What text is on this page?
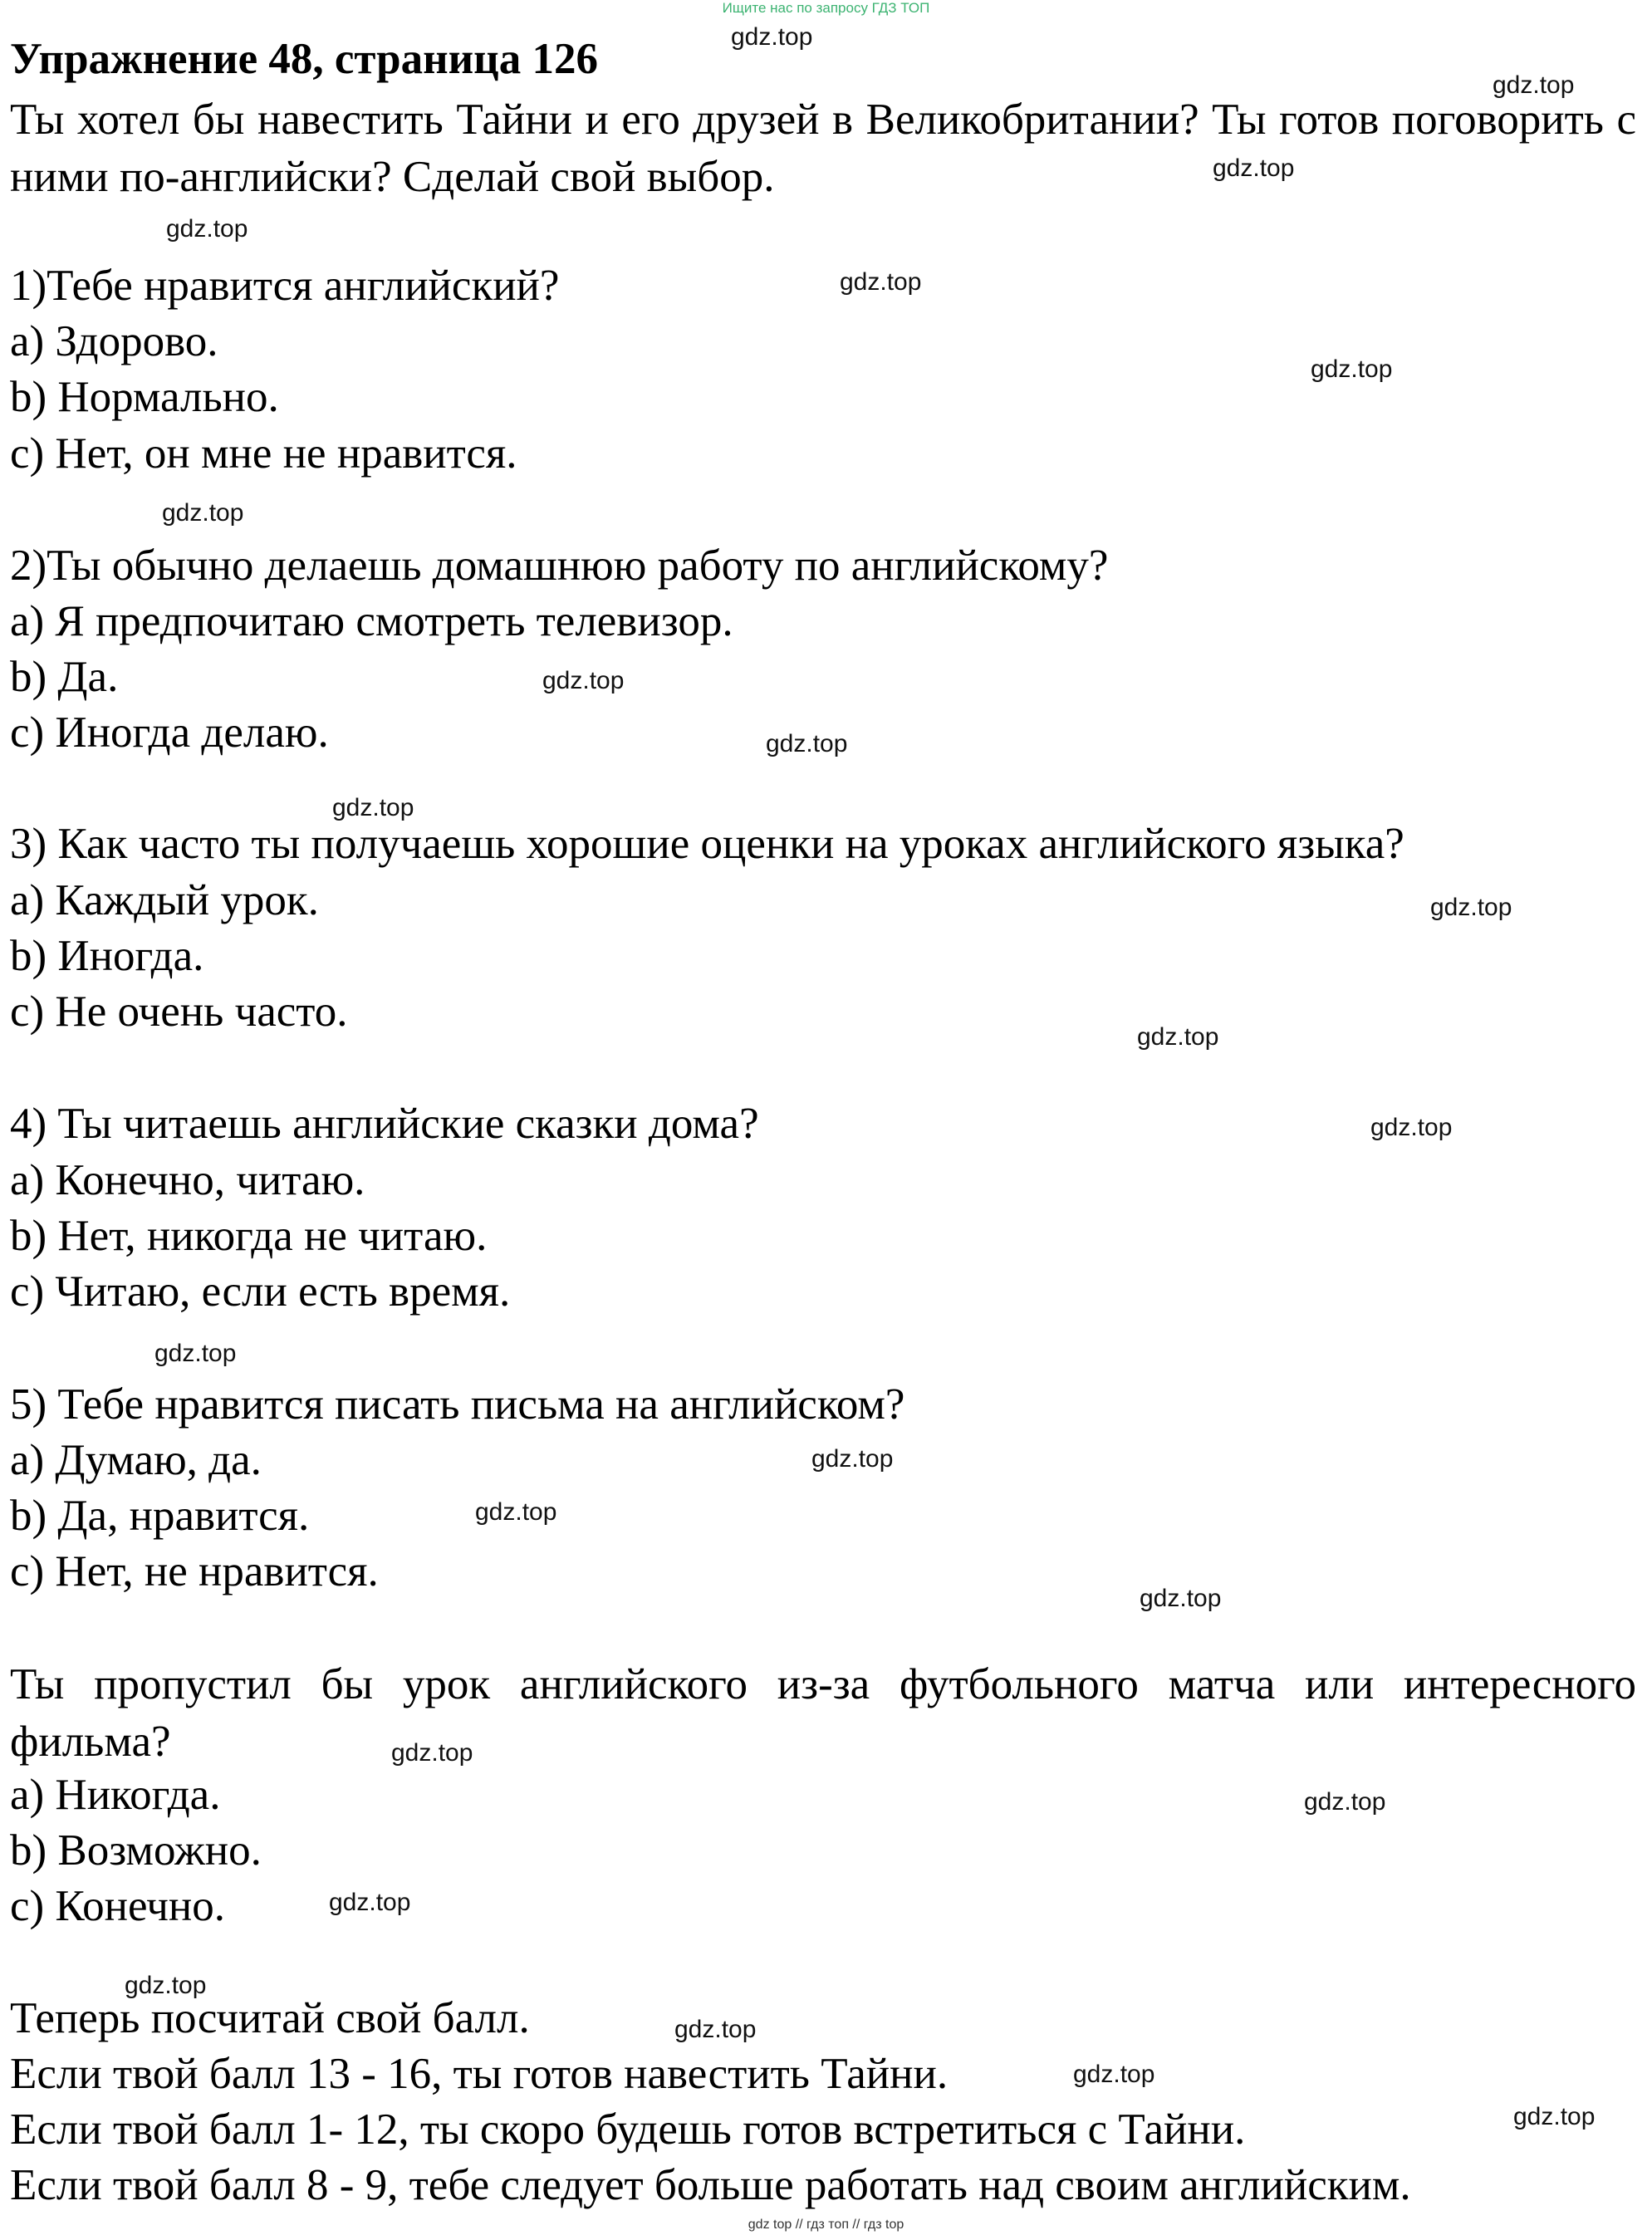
Ищите нас по запросу ГДЗ ТОП

Упражнение 48, страница 126

Ты хотел бы навестить Тайни и его друзей в Великобритании? Ты готов поговорить с ними по-английски? Сделай свой выбор.

1)Тебе нравится английский?

a) Здорово.

b) Нормально.

c) Нет, он мне не нравится.

2)Ты обычно делаешь домашнюю работу по английскому?

a) Я предпочитаю смотреть телевизор.

b) Да.

c) Иногда делаю.

3) Как часто ты получаешь хорошие оценки на уроках английского языка?

a) Каждый урок.

b) Иногда.

c) Не очень часто.

4) Ты читаешь английские сказки дома?

a) Конечно, читаю.

b) Нет, никогда не читаю.

c) Читаю, если есть время.

5) Тебе нравится писать письма на английском?

a) Думаю, да.

b) Да, нравится.

c) Нет, не нравится.

Ты пропустил бы урок английского из-за футбольного матча или интересного фильма?

a) Никогда.

b) Возможно.

c) Конечно.

Теперь посчитай свой балл.

Если твой балл 13 - 16, ты готов навестить Тайни.

Если твой балл 1- 12, ты скоро будешь готов встретиться с Тайни.

Если твой балл 8 - 9, тебе следует больше работать над своим английским.

gdz.top

gdz.top

gdz.top

gdz.top

gdz.top

gdz.top

gdz.top

gdz.top

gdz.top

gdz.top

gdz.top

gdz.top

gdz.top

gdz.top

gdz.top

gdz.top

gdz.top

gdz.top

gdz.top

gdz.top

gdz.top

gdz.top

gdz.top

gdz.top

gdz top // гдз топ // гдз top
